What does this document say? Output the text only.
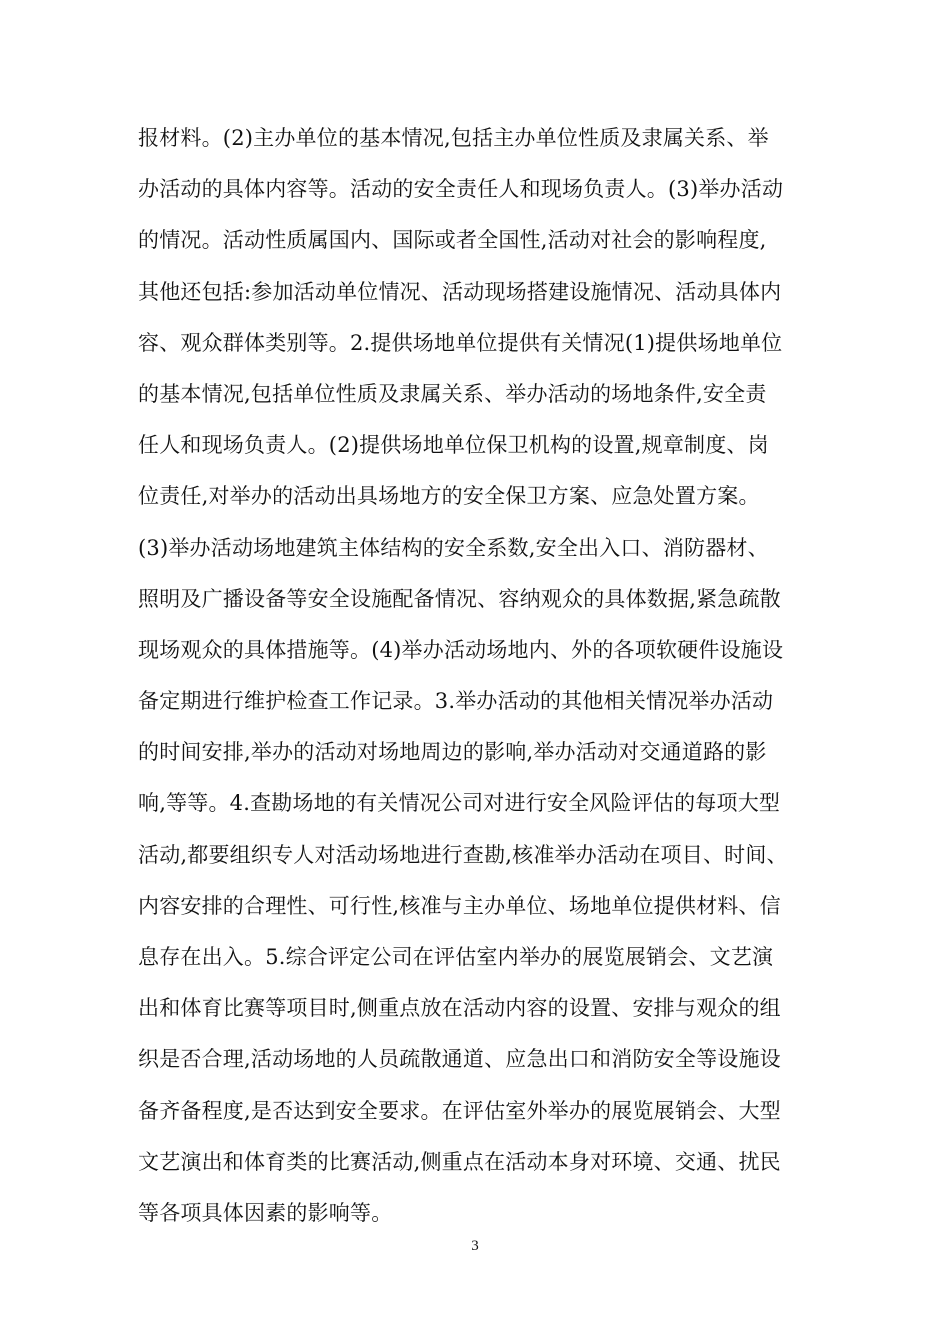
报材料。(2)主办单位的基本情况,包括主办单位性质及隶属关系、举
办活动的具体内容等。活动的安全责任人和现场负责人。(3)举办活动
的情况。活动性质属国内、国际或者全国性,活动对社会的影响程度,
其他还包括:参加活动单位情况、活动现场搭建设施情况、活动具体内
容、观众群体类别等。2.提供场地单位提供有关情况(1)提供场地单位
的基本情况,包括单位性质及隶属关系、举办活动的场地条件,安全责
任人和现场负责人。(2)提供场地单位保卫机构的设置,规章制度、岗
位责任,对举办的活动出具场地方的安全保卫方案、应急处置方案。
(3)举办活动场地建筑主体结构的安全系数,安全出入口、消防器材、
照明及广播设备等安全设施配备情况、容纳观众的具体数据,紧急疏散
现场观众的具体措施等。(4)举办活动场地内、外的各项软硬件设施设
备定期进行维护检查工作记录。3.举办活动的其他相关情况举办活动
的时间安排,举办的活动对场地周边的影响,举办活动对交通道路的影
响,等等。4.查勘场地的有关情况公司对进行安全风险评估的每项大型
活动,都要组织专人对活动场地进行查勘,核准举办活动在项目、时间、
内容安排的合理性、可行性,核准与主办单位、场地单位提供材料、信
息存在出入。5.综合评定公司在评估室内举办的展览展销会、文艺演
出和体育比赛等项目时,侧重点放在活动内容的设置、安排与观众的组
织是否合理,活动场地的人员疏散通道、应急出口和消防安全等设施设
备齐备程度,是否达到安全要求。在评估室外举办的展览展销会、大型
文艺演出和体育类的比赛活动,侧重点在活动本身对环境、交通、扰民
等各项具体因素的影响等。
3
